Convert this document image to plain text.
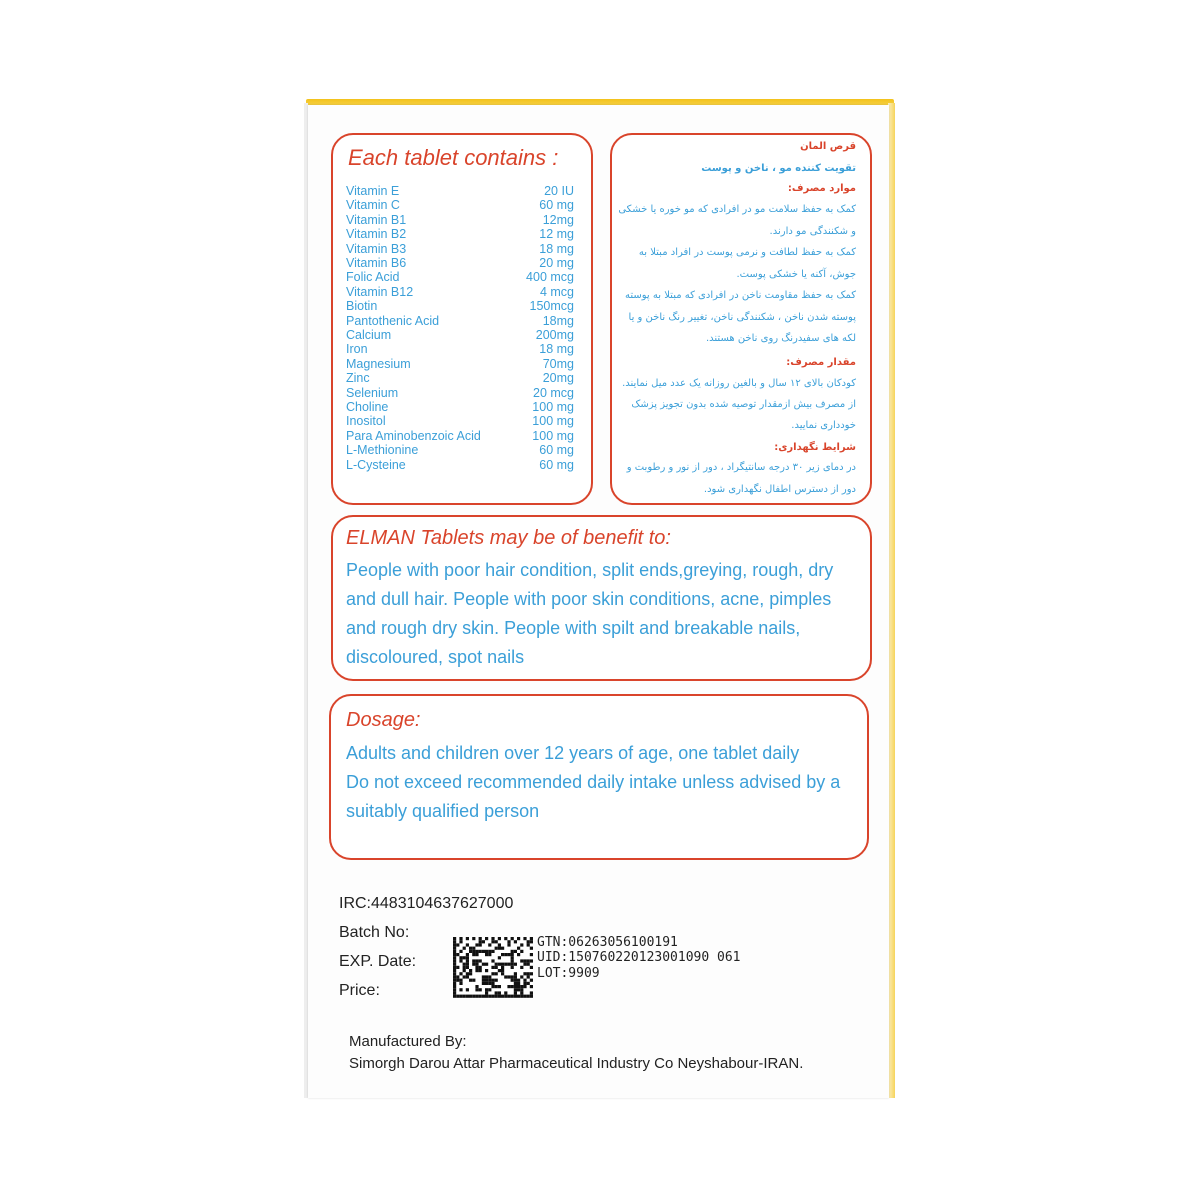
Each tablet contains :
Vitamin E	20 IU
Vitamin C	60 mg
Vitamin B1	12mg
Vitamin B2	12 mg
Vitamin B3	18 mg
Vitamin B6	20 mg
Folic Acid	400 mcg
Vitamin B12	4 mcg
Biotin	150mcg
Pantothenic Acid	18mg
Calcium	200mg
Iron	18 mg
Magnesium	70mg
Zinc	20mg
Selenium	20 mcg
Choline	100 mg
Inositol	100 mg
Para Aminobenzoic Acid	100 mg
L-Methionine	60 mg
L-Cysteine	60 mg
قرص المان
تقویت کننده مو ، ناخن و پوست
موارد مصرف:
کمک به حفظ سلامت مو در افرادی که مو خوره یا خشکی
و شکنندگی مو دارند.
کمک به حفظ لطافت و نرمی پوست در افراد مبتلا به
جوش، آکنه یا خشکی پوست.
کمک به حفظ مقاومت ناخن در افرادی که مبتلا به پوسته
پوسته شدن ناخن ، شکنندگی ناخن، تغییر رنگ ناخن و یا
لکه های سفیدرنگ روی ناخن هستند.
مقدار مصرف:
کودکان بالای ۱۲ سال و بالغین روزانه یک عدد میل نمایند.
از مصرف بیش ازمقدار توصیه شده بدون تجویز پزشک
خودداری نمایید.
شرایط نگهداری:
در دمای زیر ۳۰ درجه سانتیگراد ، دور از نور و رطوبت و
دور از دسترس اطفال نگهداری شود.
ELMAN Tablets may be of benefit to:
People with poor hair condition, split ends,greying, rough, dry
and dull hair. People with poor skin conditions, acne, pimples
and rough dry skin. People with spilt and breakable nails,
discoloured, spot nails
Dosage:
Adults and children over 12 years of age, one tablet daily
Do not exceed recommended daily intake unless advised by a
suitably qualified person
IRC:4483104637627000
Batch No:
EXP. Date:
Price:
GTN:06263056100191
UID:150760220123001090 061
LOT:9909
Manufactured By:
Simorgh Darou Attar Pharmaceutical Industry Co Neyshabour-IRAN.
